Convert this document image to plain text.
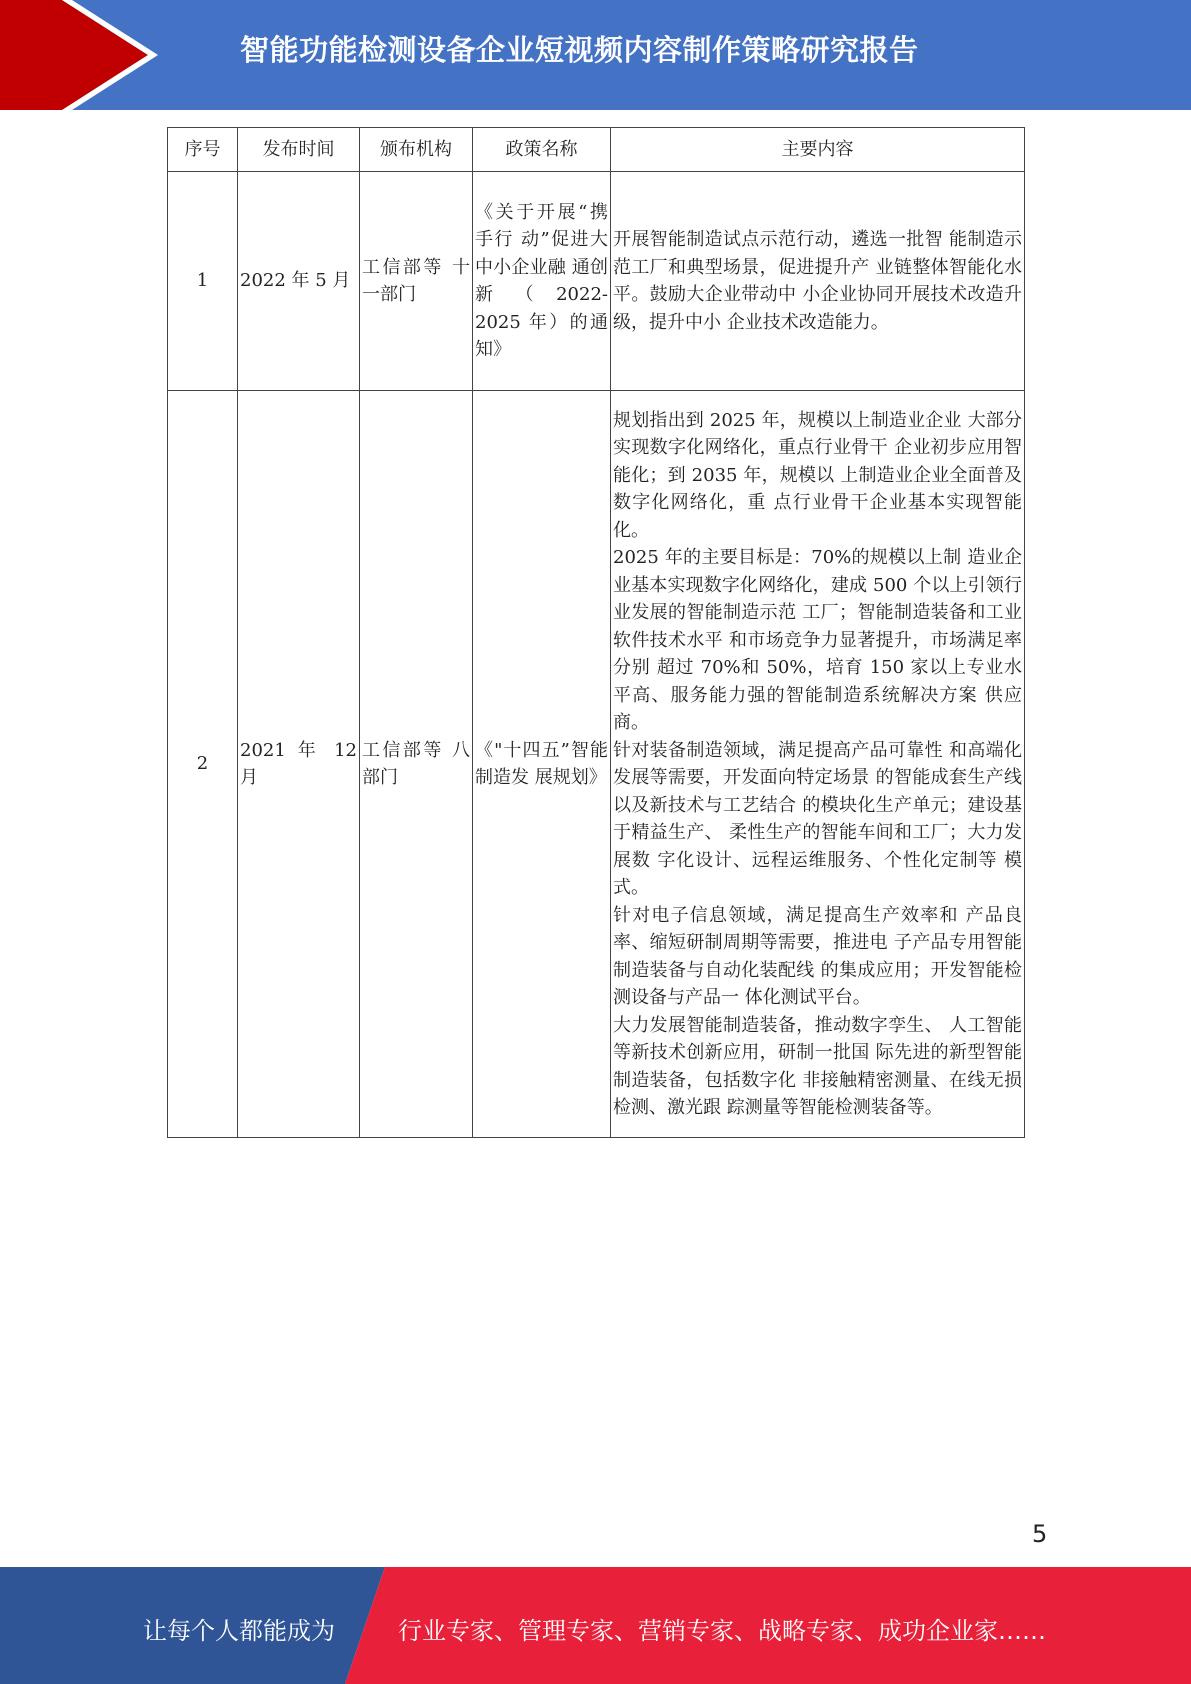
智能功能检测设备企业短视频内容制作策略研究报告
序号	发布时间	颁布机构	政策名称	主要内容
1	2022 年 5 月	工信部等 十一部门	《关于开展“携手行 动”促进大 中小企业融 通创新 （ 2022-2025 年）的通 知》	开展智能制造试点示范行动，遴选一批智 能制造示范工厂和典型场景，促进提升产 业链整体智能化水平。鼓励大企业带动中 小企业协同开展技术改造升级，提升中小 企业技术改造能力。

2	2021 年 12 月	工信部等 八部门	《"十四五”智能制造发 展规划》	规划指出到 2025 年，规模以上制造业企业 大部分实现数字化网络化，重点行业骨干 企业初步应用智能化；到 2035 年，规模以 上制造业企业全面普及数字化网络化，重 点行业骨干企业基本实现智能化。

2025 年的主要目标是：70%的规模以上制 造业企业基本实现数字化网络化，建成 500 个以上引领行业发展的智能制造示范 工厂；智能制造装备和工业软件技术水平 和市场竞争力显著提升，市场满足率分别 超过 70%和 50%，培育 150 家以上专业水平高、服务能力强的智能制造系统解决方案 供应商。

针对装备制造领域，满足提高产品可靠性 和高端化发展等需要，开发面向特定场景 的智能成套生产线以及新技术与工艺结合 的模块化生产单元；建设基于精益生产、 柔性生产的智能车间和工厂；大力发展数 字化设计、远程运维服务、个性化定制等 模式。

针对电子信息领域，满足提高生产效率和 产品良率、缩短研制周期等需要，推进电 子产品专用智能制造装备与自动化装配线 的集成应用；开发智能检测设备与产品一 体化测试平台。

大力发展智能制造装备，推动数字孪生、 人工智能等新技术创新应用，研制一批国 际先进的新型智能制造装备，包括数字化 非接触精密测量、在线无损检测、激光跟 踪测量等智能检测装备等。

5
让每个人都能成为	行业专家、管理专家、营销专家、战略专家、成功企业家……
